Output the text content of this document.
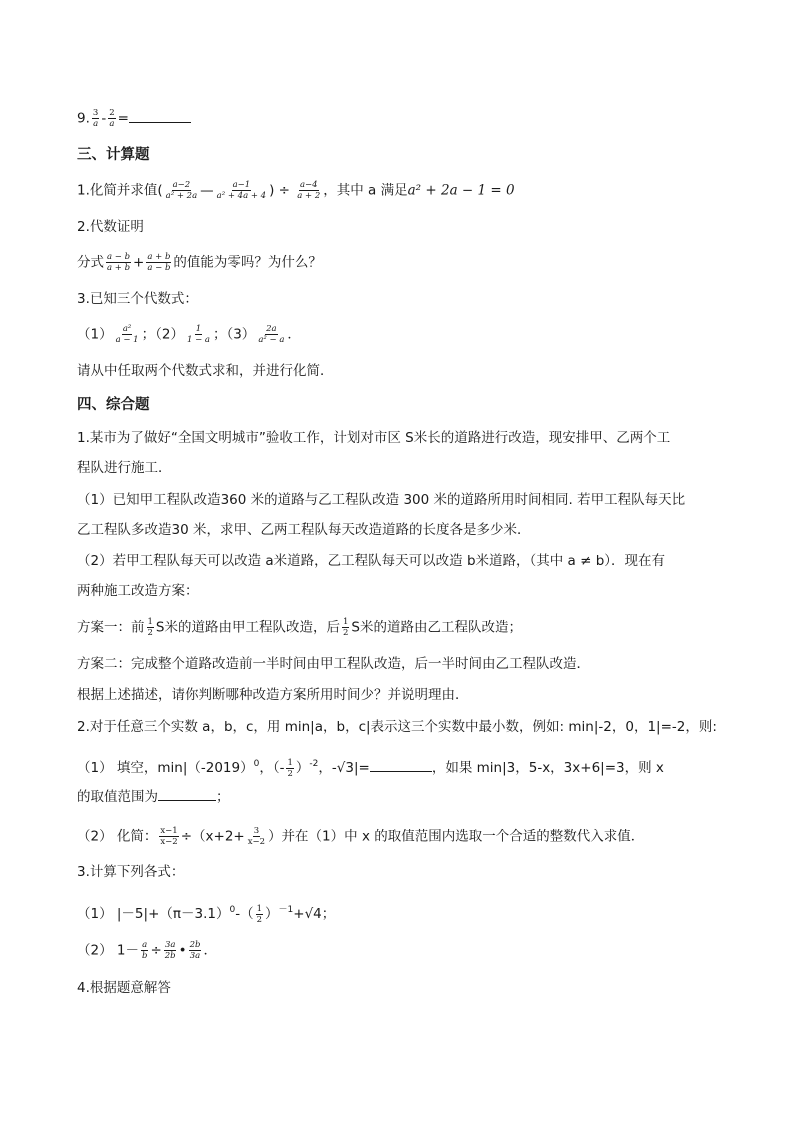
9. $\frac{3}{a} - \frac{2}{a}$ =
三、计算题
1.化简并求值( $\frac{a-2}{\text{a² + 2a}}$ — $\frac{a-1}{\text{a² + 4a + 4}}$ ) ÷ $\frac{a-4}{a + 2}$ ，其中 a 满足a² + 2a − 1 = 0
2.代数证明
分式 $\frac{a - b}{a + b} + \frac{a + b}{a - b}$ 的值能为零吗？为什么？
3.已知三个代数式：
$(1) \frac{\text{a²}}{a - 1}$ ；$(2) \frac{1}{1 - a}$ ；$(3) \frac{2a}{\text{a² − a}}$ ．
请从中任取两个代数式求和，并进行化简．
四、综合题
1.某市为了做好“全国文明城市”验收工作，计划对市区 S米长的道路进行改造，现安排甲、乙两个工
程队进行施工．
（1）已知甲工程队改造360 米的道路与乙工程队改造 300 米的道路所用时间相同. 若甲工程队每天比
乙工程队多改造30 米，求甲、乙两工程队每天改造道路的长度各是多少米．
（2）若甲工程队每天可以改造 a米道路，乙工程队每天可以改造 b米道路，（其中 a ≠ b）．现在有
两种施工改造方案：
方案一：前 $\frac{1}{2}$ S米的道路由甲工程队改造，后 $\frac{1}{2}$ S米的道路由乙工程队改造；
方案二：完成整个道路改造前一半时间由甲工程队改造，后一半时间由乙工程队改造．
根据上述描述，请你判断哪种改造方案所用时间少？并说明理由．
2.对于任意三个实数 a，b，c，用 min|a，b，c|表示这三个实数中最小数，例如: min|-2，0，1|=-2，则:
（1） 填空，$\min|(-2019)^0$，（- $\frac{1}{2} )^{-2}$，-√3|=	，如果 min|3，5-x，3x+6|=3，则 x
的取值范围为	；
（2） 化简： $\frac{x-1}{x-2} \div(x+2+ \frac{3}{x-2}$ ）并在（1）中 x 的取值范围内选取一个合适的整数代入求值．
3.计算下列各式：
（1） $|-5|+(\pi-3.1)^0-( \frac{1}{2} )^{-1}+√4$；
（2） $1- \frac{a}{b} \div \frac{3a}{2b}$ • $\frac{2b}{3a}$ ．
4.根据题意解答
